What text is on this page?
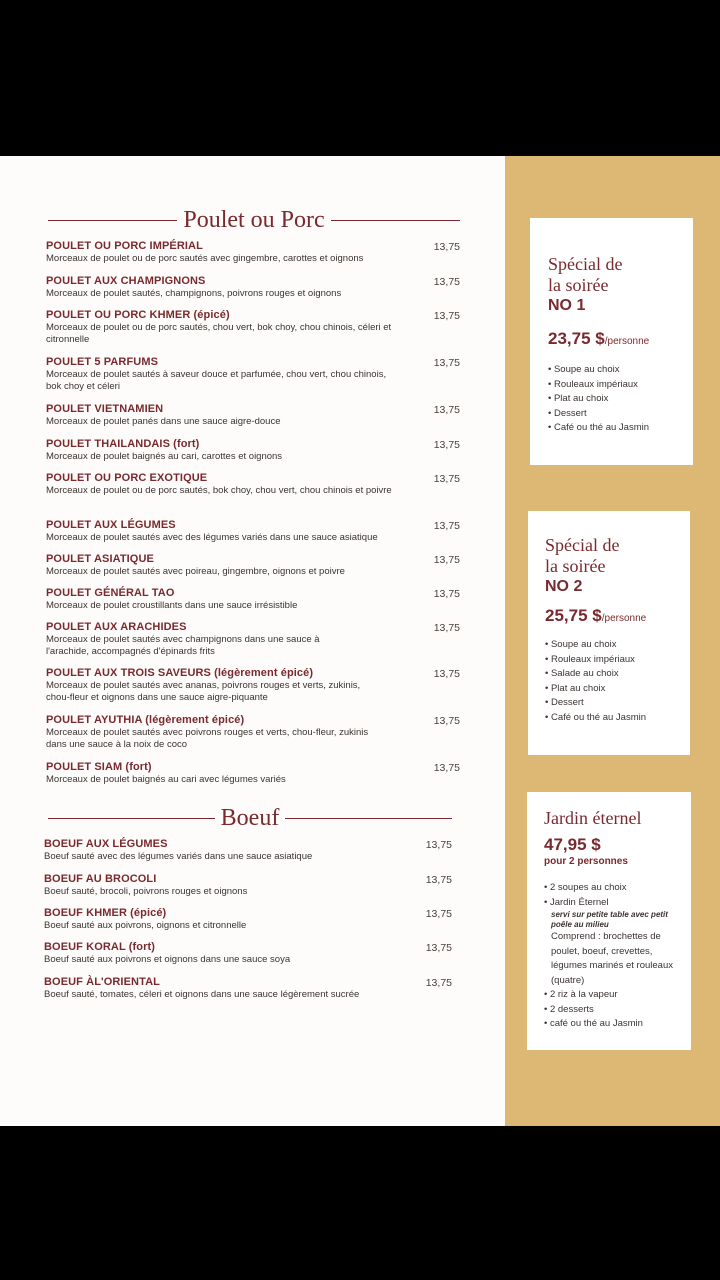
Poulet ou Porc
POULET OU PORC IMPÉRIAL
Morceaux de poulet ou de porc sautés avec gingembre, carottes et oignons
13,75
POULET AUX CHAMPIGNONS
Morceaux de poulet sautés, champignons, poivrons rouges et oignons
13,75
POULET OU PORC KHMER (épicé)
Morceaux de poulet ou de porc sautés, chou vert, bok choy, chou chinois, céleri et citronnelle
13,75
POULET 5 PARFUMS
Morceaux de poulet sautés à saveur douce et parfumée, chou vert, chou chinois, bok choy et céleri
13,75
POULET VIETNAMIEN
Morceaux de poulet panés dans une sauce aigre-douce
13,75
POULET THAILANDAIS (fort)
Morceaux de poulet baignés au cari, carottes et oignons
13,75
POULET OU PORC EXOTIQUE
Morceaux de poulet ou de porc sautés, bok choy, chou vert, chou chinois et poivre
13,75
POULET AUX LÉGUMES
Morceaux de poulet sautés avec des légumes variés dans une sauce asiatique
13,75
POULET ASIATIQUE
Morceaux de poulet sautés avec poireau, gingembre, oignons et poivre
13,75
POULET GÉNÉRAL TAO
Morceaux de poulet croustillants dans une sauce irrésistible
13,75
POULET AUX ARACHIDES
Morceaux de poulet sautés avec champignons dans une sauce à l'arachide, accompagnés d'épinards frits
13,75
POULET AUX TROIS SAVEURS (légèrement épicé)
Morceaux de poulet sautés avec ananas, poivrons rouges et verts, zukinis, chou-fleur et oignons dans une sauce aigre-piquante
13,75
POULET AYUTHIA (légèrement épicé)
Morceaux de poulet sautés avec poivrons rouges et verts, chou-fleur, zukinis dans une sauce à la noix de coco
13,75
POULET SIAM (fort)
Morceaux de poulet baignés au cari avec légumes variés
13,75
Boeuf
BOEUF AUX LÉGUMES
Boeuf sauté avec des légumes variés dans une sauce asiatique
13,75
BOEUF AU BROCOLI
Boeuf sauté, brocoli, poivrons rouges et oignons
13,75
BOEUF KHMER (épicé)
Boeuf sauté aux poivrons, oignons et citronnelle
13,75
BOEUF KORAL (fort)
Boeuf sauté aux poivrons et oignons dans une sauce soya
13,75
BOEUF ÀL'ORIENTAL
Boeuf sauté, tomates, céleri et oignons dans une sauce légèrement sucrée
13,75
Spécial de
la soirée
NO 1
23,75 $/personne
• Soupe au choix
• Rouleaux impériaux
• Plat au choix
• Dessert
• Café ou thé au Jasmin
Spécial de
la soirée
NO 2
25,75 $/personne
• Soupe au choix
• Rouleaux impériaux
• Salade au choix
• Plat au choix
• Dessert
• Café ou thé au Jasmin
Jardin éternel
47,95 $
pour 2 personnes
• 2 soupes au choix
• Jardin Éternel
servi sur petite table avec petit poêle au milieu
Comprend : brochettes de poulet, boeuf, crevettes, légumes marinés et rouleaux (quatre)
• 2 riz à la vapeur
• 2 desserts
• café ou thé au Jasmin
